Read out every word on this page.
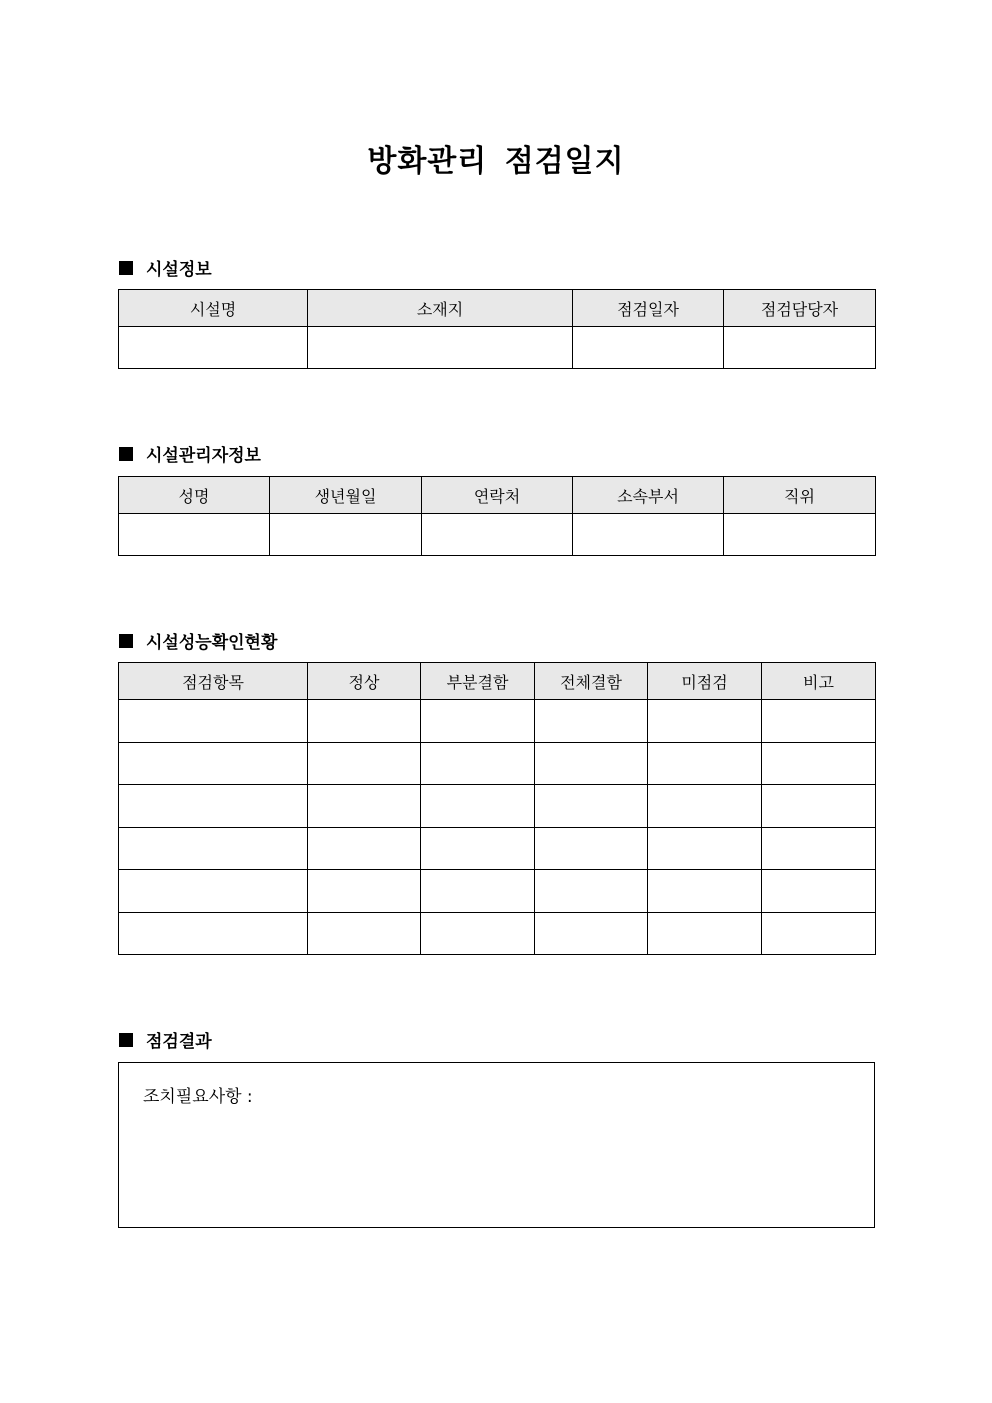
방화관리 점검일지
시설정보
시설명	소재지	점검일자	점검담당자

시설관리자정보
성명	생년월일	연락처	소속부서	직위

시설성능확인현황
점검항목	정상	부분결함	전체결함	미점검	비고

점검결과
조치필요사항 :
